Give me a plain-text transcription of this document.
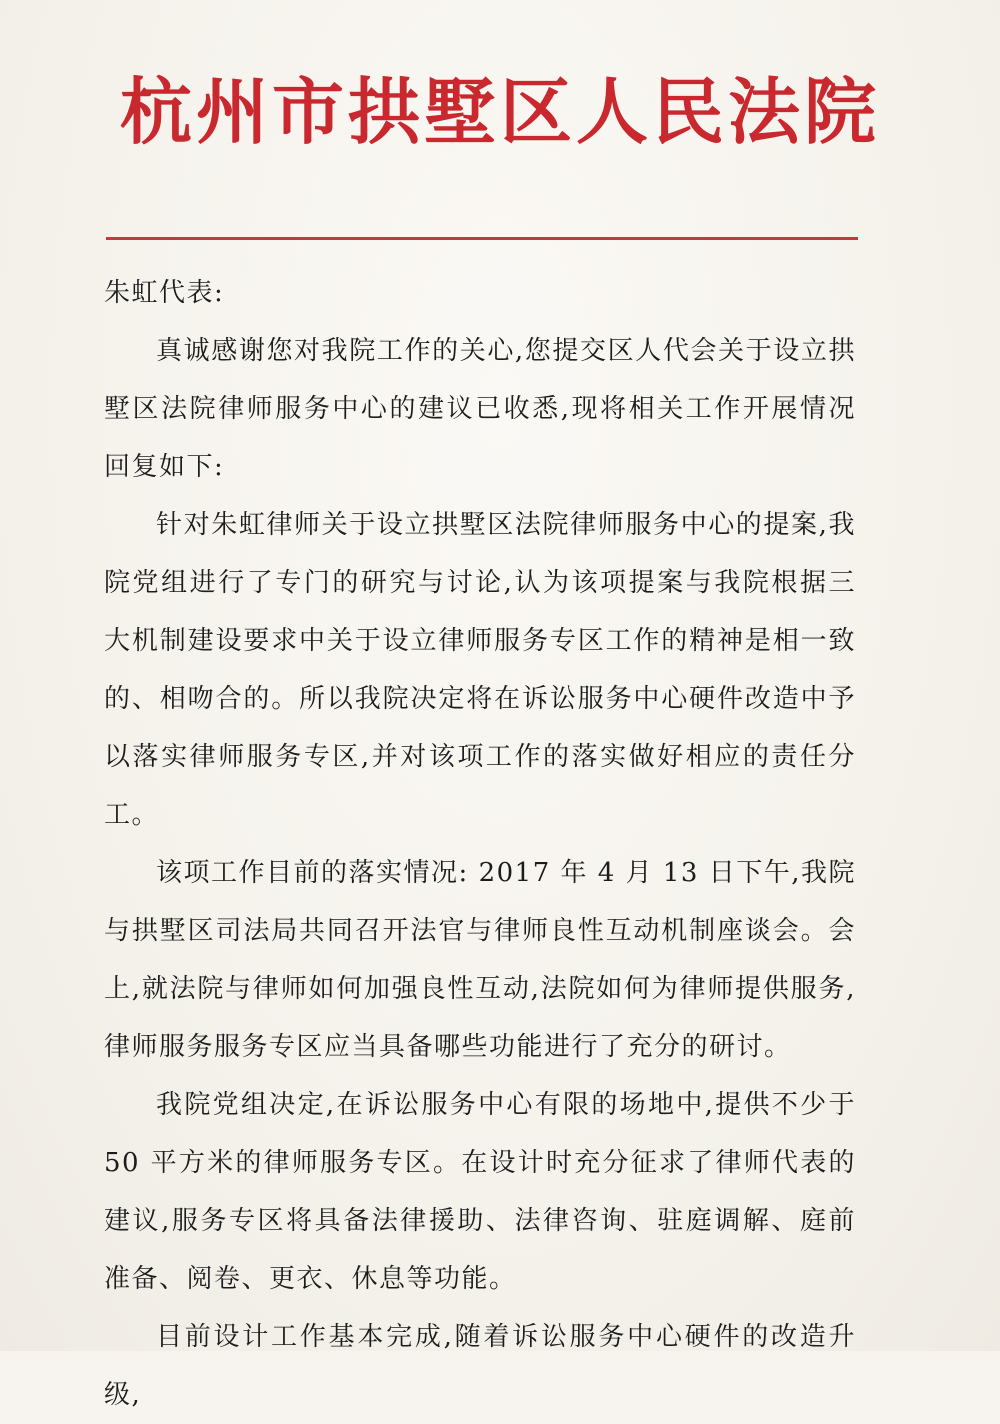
杭州市拱墅区人民法院

朱虹代表:

真诚感谢您对我院工作的关心,您提交区人代会关于设立拱墅区法院律师服务中心的建议已收悉,现将相关工作开展情况回复如下:

针对朱虹律师关于设立拱墅区法院律师服务中心的提案,我院党组进行了专门的研究与讨论,认为该项提案与我院根据三大机制建设要求中关于设立律师服务专区工作的精神是相一致的、相吻合的。所以我院决定将在诉讼服务中心硬件改造中予以落实律师服务专区,并对该项工作的落实做好相应的责任分工。

该项工作目前的落实情况: 2017 年 4 月 13 日下午,我院与拱墅区司法局共同召开法官与律师良性互动机制座谈会。会上,就法院与律师如何加强良性互动,法院如何为律师提供服务,律师服务服务专区应当具备哪些功能进行了充分的研讨。

我院党组决定,在诉讼服务中心有限的场地中,提供不少于 50 平方米的律师服务专区。在设计时充分征求了律师代表的建议,服务专区将具备法律援助、法律咨询、驻庭调解、庭前准备、阅卷、更衣、休息等功能。

目前设计工作基本完成,随着诉讼服务中心硬件的改造升级,
